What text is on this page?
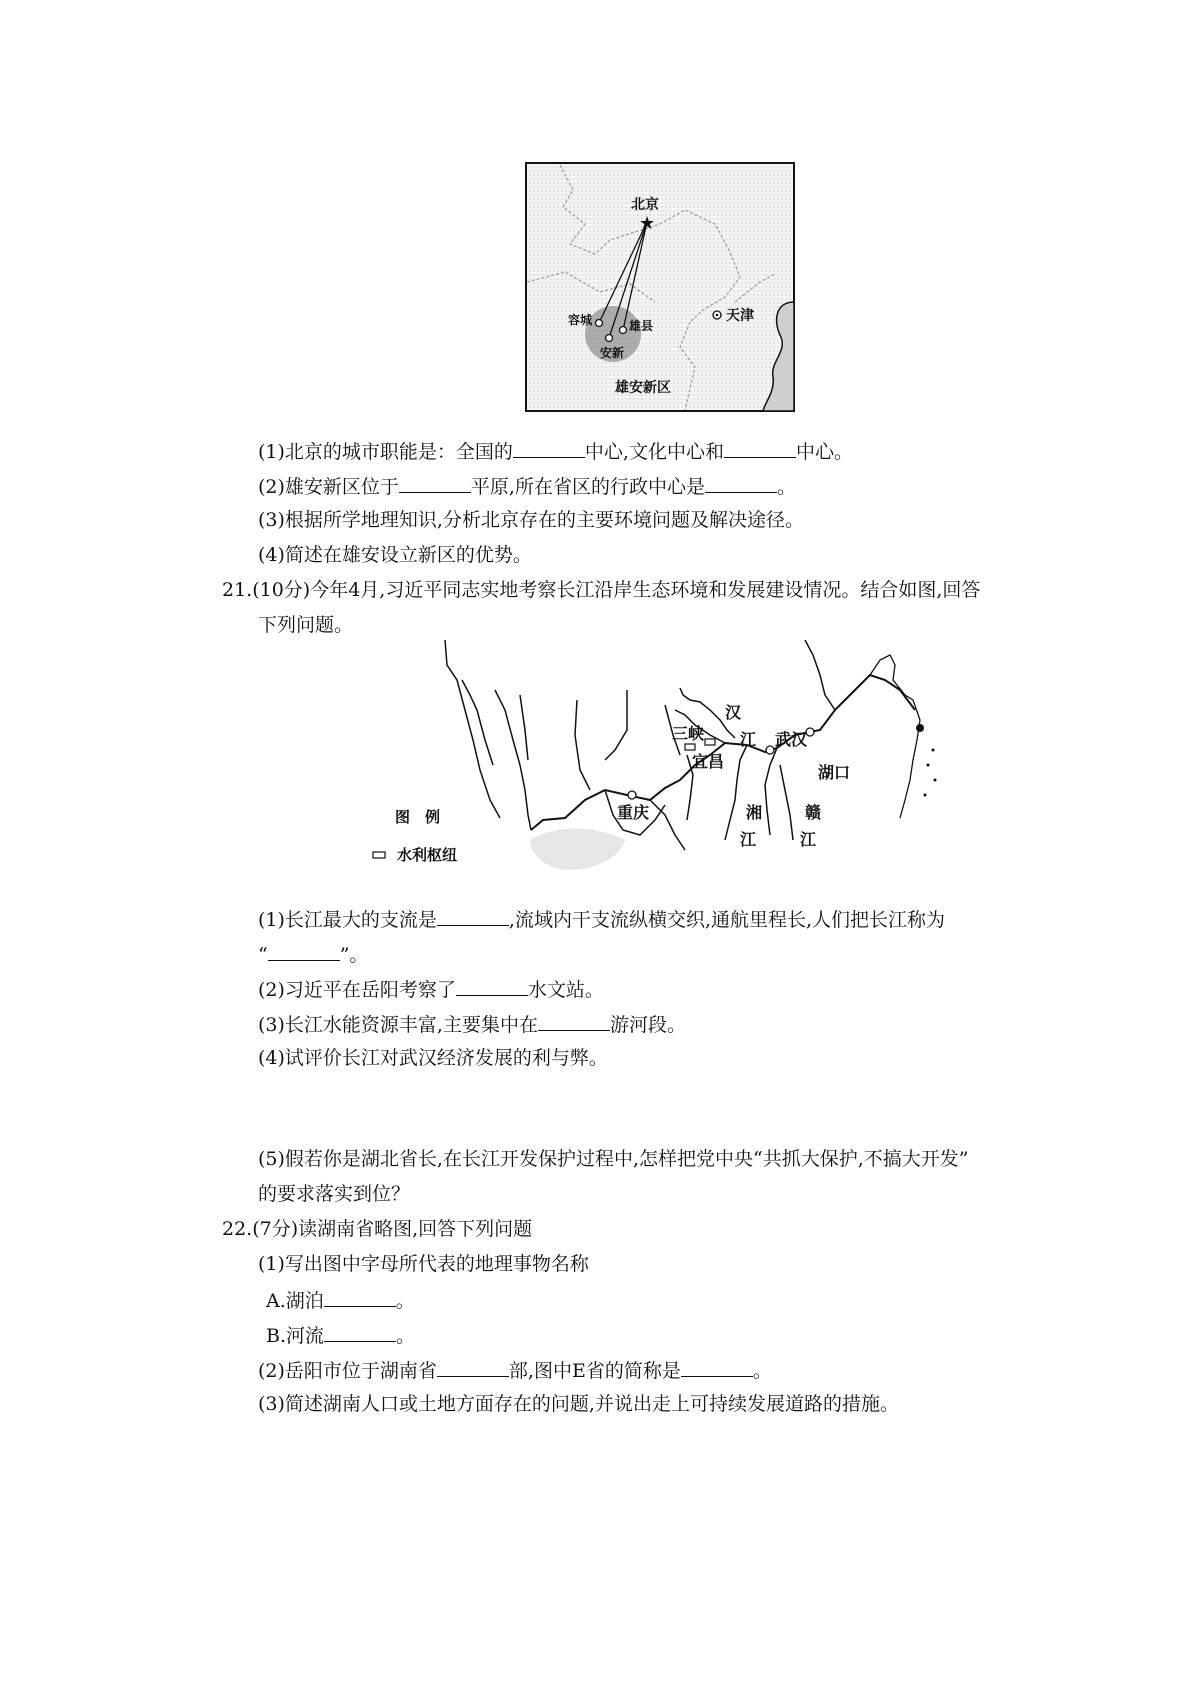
★
北京
天津
容城	雄县
安新
雄安新区
(1)北京的城市职能是：全国的	中心,文化中心和	中心。
(2)雄安新区位于	平原,所在省区的行政中心是	。
(3)根据所学地理知识,分析北京存在的主要环境问题及解决途径。
(4)简述在雄安设立新区的优势。
21.(10分)今年4月,习近平同志实地考察长江沿岸生态环境和发展建设情况。结合如图,回答
下列问题。
三峡
宜昌
重庆
武汉
湖口
汉
江
湘
江
赣
江
图　例
水利枢纽
(1)长江最大的支流是	,流域内干支流纵横交织,通航里程长,人们把长江称为
“	”。
(2)习近平在岳阳考察了	水文站。
(3)长江水能资源丰富,主要集中在	游河段。
(4)试评价长江对武汉经济发展的利与弊。
(5)假若你是湖北省长,在长江开发保护过程中,怎样把党中央“共抓大保护,不搞大开发”
的要求落实到位？
22.(7分)读湖南省略图,回答下列问题
(1)写出图中字母所代表的地理事物名称
A.湖泊	。
B.河流	。
(2)岳阳市位于湖南省	部,图中E省的简称是	。
(3)简述湖南人口或土地方面存在的问题,并说出走上可持续发展道路的措施。
